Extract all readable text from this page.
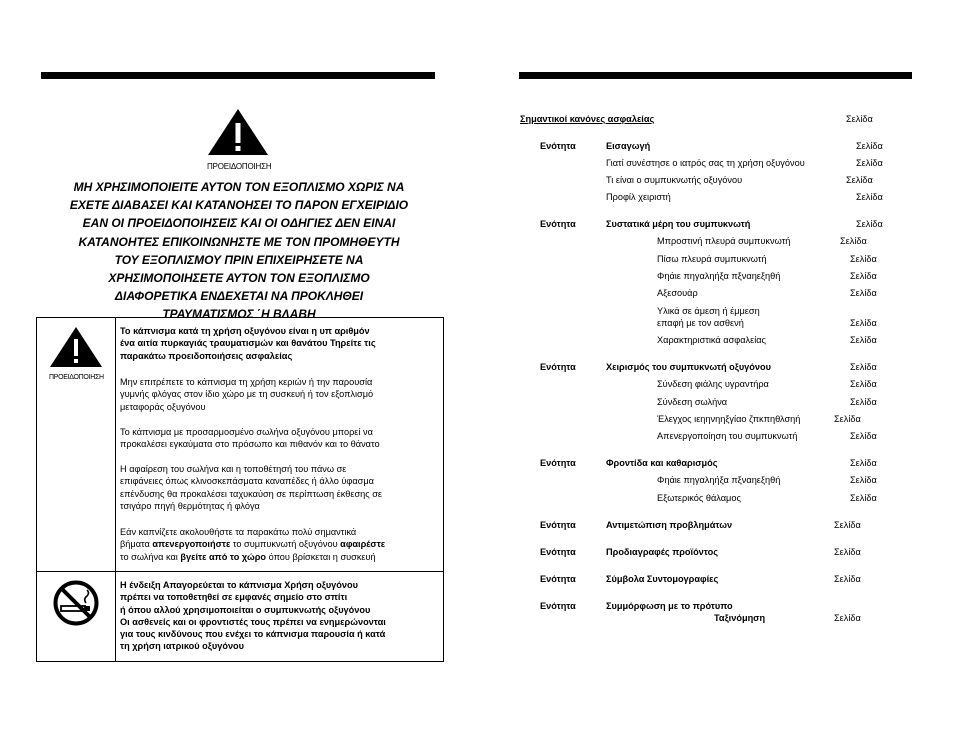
ΠΡΟΕΙΔΟΠΟΙΗΣΗ
ΜΗ ΧΡΗΣΙΜΟΠΟΙΕΙΤΕ ΑΥΤΟΝ ΤΟΝ ΕΞΟΠΛΙΣΜΟ ΧΩΡΙΣ ΝΑ
ΕΧΕΤΕ ΔΙΑΒΑΣΕΙ ΚΑΙ ΚΑΤΑΝΟΗΣΕΙ ΤΟ ΠΑΡΟΝ ΕΓΧΕΙΡΙΔΙΟ
ΕΑΝ ΟΙ ΠΡΟΕΙΔΟΠΟΙΗΣΕΙΣ ΚΑΙ ΟΙ ΟΔΗΓΙΕΣ ΔΕΝ ΕΙΝΑΙ
ΚΑΤΑΝΟΗΤΕΣ ΕΠΙΚΟΙΝΩΝΗΣΤΕ ΜΕ ΤΟΝ ΠΡΟΜΗΘΕΥΤΗ
ΤΟΥ ΕΞΟΠΛΙΣΜΟΥ ΠΡΙΝ ΕΠΙΧΕΙΡΗΣΕΤΕ ΝΑ
ΧΡΗΣΙΜΟΠΟΙΗΣΕΤΕ ΑΥΤΟΝ ΤΟΝ ΕΞΟΠΛΙΣΜΟ
ΔΙΑΦΟΡΕΤΙΚΑ ΕΝΔΕΧΕΤΑΙ ΝΑ ΠΡΟΚΛΗΘΕΙ
ΤΡΑΥΜΑΤΙΣΜΟΣ ΄Η ΒΛΑΒΗ
ΠΡΟΕΙΔΟΠΟΙΗΣΗ

Το κάπνισμα κατά τη χρήση οξυγόνου είναι η υπ αριθμόν

ένα αιτία πυρκαγιάς τραυματισμών και θανάτου Τηρείτε τις

παρακάτω προειδοποιήσεις ασφαλείας

Μην επιτρέπετε το κάπνισμα τη χρήση κεριών ή την παρουσία

γυμνής φλόγας στον ίδιο χώρο με τη συσκευή ή τον εξοπλισμό

μεταφοράς οξυγόνου

Το κάπνισμα με προσαρμοσμένο σωλήνα οξυγόνου μπορεί να

προκαλέσει εγκαύματα στο πρόσωπο και πιθανόν και το θάνατο

Η αφαίρεση του σωλήνα και η τοποθέτησή του πάνω σε

επιφάνειες όπως κλινοσκεπάσματα καναπέδες ή άλλο ύφασμα

επένδυσης θα προκαλέσει ταχυκαύση σε περίπτωση έκθεσης σε

τσιγάρο πηγή θερμότητας ή φλόγα

Εάν καπνίζετε ακολουθήστε τα παρακάτω πολύ σημαντικά

βήματα απενεργοποιήστε το συμπυκνωτή οξυγόνου αφαιρέστε

το σωλήνα και βγείτε από το χώρο όπου βρίσκεται η συσκευή

Η ένδειξη Απαγορεύεται το κάπνισμα Χρήση οξυγόνου

πρέπει να τοποθετηθεί σε εμφανές σημείο στο σπίτι

ή όπου αλλού χρησιμοποιείται ο συμπυκνωτής οξυγόνου

Οι ασθενείς και οι φροντιστές τους πρέπει να ενημερώνονται

για τους κινδύνους που ενέχει το κάπνισμα παρουσία ή κατά

τη χρήση ιατρικού οξυγόνου

Σημαντικοί κανόνες ασφαλείας	Σελίδα
Ενότητα	Εισαγωγή	Σελίδα
Γιατί συνέστησε ο ιατρός σας τη χρήση οξυγόνου	Σελίδα
Τι είναι ο συμπυκνωτής οξυγόνου	Σελίδα
Προφίλ χειριστή	Σελίδα
Ενότητα	Συστατικά μέρη του συμπυκνωτή	Σελίδα
Μπροστινή πλευρά συμπυκνωτή	Σελίδα
Πίσω πλευρά συμπυκνωτή	Σελίδα
Φηάιε πηγαληήξα πξναηεξηθή	Σελίδα
Αξεσουάρ	Σελίδα
Υλικά σε άμεση ή έμμεση
επαφή με τον ασθενή	Σελίδα
Χαρακτηριστικά ασφαλείας	Σελίδα
Ενότητα	Χειρισμός του συμπυκνωτή οξυγόνου	Σελίδα
Σύνδεση φιάλης υγραντήρα	Σελίδα
Σύνδεση σωλήνα	Σελίδα
Έλεγχος ιεηηνηηξγίαο ζπκπηθλσηή	Σελίδα
Απενεργοποίηση του συμπυκνωτή	Σελίδα
Ενότητα	Φροντίδα και καθαρισμός	Σελίδα
Φηάιε πηγαληήξα πξναηεξηθή	Σελίδα
Εξωτερικός θάλαμος	Σελίδα
Ενότητα	Αντιμετώπιση προβλημάτων	Σελίδα
Ενότητα	Προδιαγραφές προϊόντος	Σελίδα
Ενότητα	Σύμβολα Συντομογραφίες	Σελίδα
Ενότητα	Συμμόρφωση με το πρότυπο
Ταξινόμηση	Σελίδα
